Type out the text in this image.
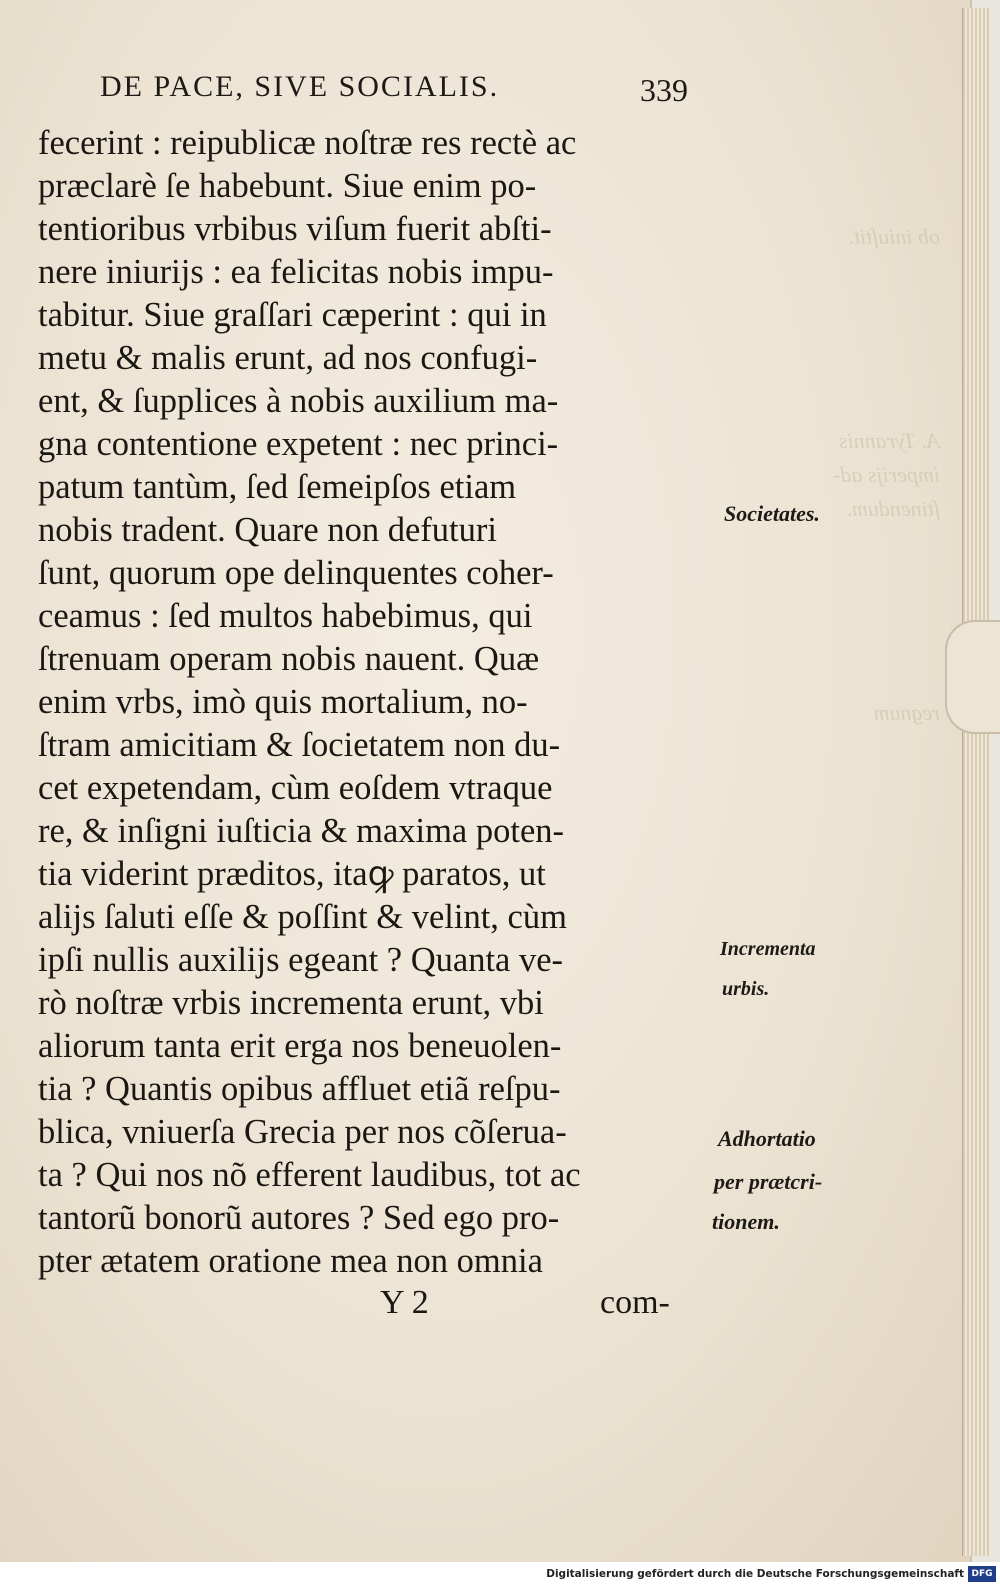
ob iniuſtit.
A. Tyrannis
imperijs ad-
ſtinendum.
regnum
DE PACE, SIVE SOCIALIS.	339
fecerint : reipublicæ noſtræ res rectè ac
præclarè ſe habebunt. Siue enim po-
tentioribus vrbibus viſum fuerit abſti-
nere iniurijs : ea felicitas nobis impu-
tabitur. Siue graſſari cæperint : qui in
metu & malis erunt, ad nos confugi-
ent, & ſupplices à nobis auxilium ma-
gna contentione expetent : nec princi-
patum tantùm, ſed ſemeipſos etiam
nobis tradent. Quare non defuturi
ſunt, quorum ope delinquentes coher-
ceamus : ſed multos habebimus, qui
ſtrenuam operam nobis nauent. Quæ
enim vrbs, imò quis mortalium, no-
ſtram amicitiam & ſocietatem non du-
cet expetendam, cùm eoſdem vtraque
re, & inſigni iuſticia & maxima poten-
tia viderint præditos, itaꝙ paratos, ut
alijs ſaluti eſſe & poſſint & velint, cùm
ipſi nullis auxilijs egeant ? Quanta ve-
rò noſtræ vrbis incrementa erunt, vbi
aliorum tanta erit erga nos beneuolen-
tia ? Quantis opibus affluet etiã reſpu-
blica, vniuerſa Grecia per nos cõſerua-
ta ? Qui nos nõ efferent laudibus, tot ac
tantorũ bonorũ autores ? Sed ego pro-
pter ætatem oratione mea non omnia
Societates.
Incrementa
urbis.
Adhortatio
per prætcri-
tionem.
Y 2	com-
Digitalisierung gefördert durch die Deutsche Forschungsgemeinschaft DFG
